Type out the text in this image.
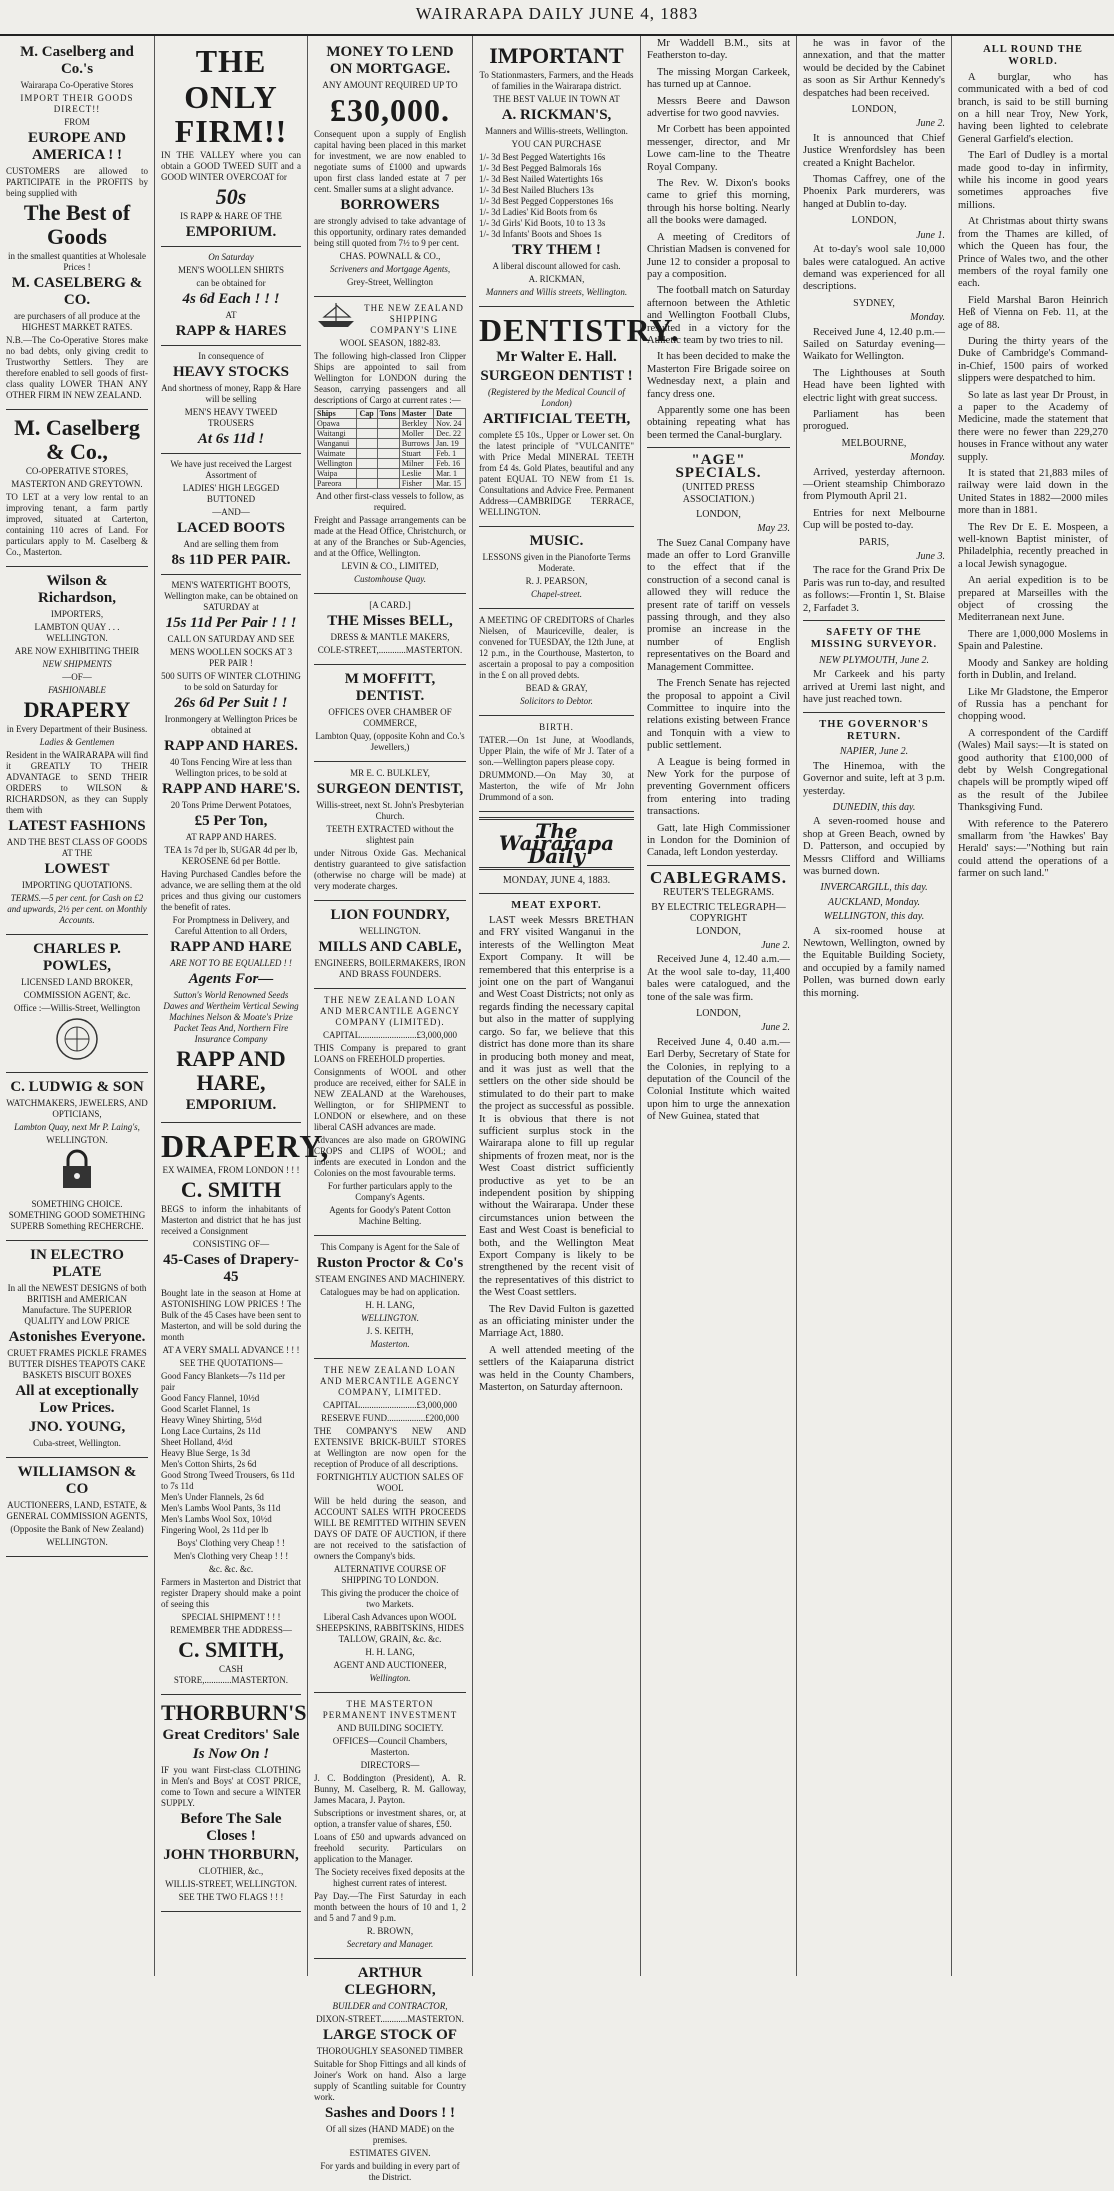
WAIRARAPA DAILY JUNE 4, 1883

M. Caselberg and Co.'s

Wairarapa Co-Operative Stores

IMPORT THEIR GOODS DIRECT!!

FROM

EUROPE AND AMERICA ! !

CUSTOMERS are allowed to PARTICIPATE in the PROFITS by being supplied with

The Best of Goods

in the smallest quantities at Wholesale Prices !

M. CASELBERG & CO.

are purchasers of all produce at the HIGHEST MARKET RATES.

N.B.—The Co-Operative Stores make no bad debts, only giving credit to Trustworthy Settlers. They are therefore enabled to sell goods of first-class quality LOWER THAN ANY OTHER FIRM IN NEW ZEALAND.

M. Caselberg & Co.,

CO-OPERATIVE STORES,

MASTERTON AND GREYTOWN.

TO LET at a very low rental to an improving tenant, a farm partly improved, situated at Carterton, containing 110 acres of Land. For particulars apply to M. Caselberg & Co., Masterton.

Wilson & Richardson,

IMPORTERS,

LAMBTON QUAY . . . WELLINGTON.

ARE NOW EXHIBITING THEIR

NEW SHIPMENTS

—OF—

FASHIONABLE

DRAPERY

in Every Department of their Business.

Ladies & Gentlemen

Resident in the WAIRARAPA will find it GREATLY TO THEIR ADVANTAGE to SEND THEIR ORDERS to WILSON & RICHARDSON, as they can Supply them with

LATEST FASHIONS

AND THE BEST CLASS OF GOODS AT THE

LOWEST

IMPORTING QUOTATIONS.

TERMS.—5 per cent. for Cash on £2 and upwards, 2½ per cent. on Monthly Accounts.

CHARLES P. POWLES,

LICENSED LAND BROKER,

COMMISSION AGENT, &c.

Office :—Willis-Street, Wellington

C. LUDWIG & SON

WATCHMAKERS, JEWELERS, AND OPTICIANS,

Lambton Quay, next Mr P. Laing's,

WELLINGTON.

SOMETHING CHOICE. SOMETHING GOOD SOMETHING SUPERB Something RECHERCHE.

IN ELECTRO PLATE

In all the NEWEST DESIGNS of both BRITISH and AMERICAN Manufacture. The SUPERIOR QUALITY and LOW PRICE

Astonishes Everyone.

CRUET FRAMES PICKLE FRAMES BUTTER DISHES TEAPOTS CAKE BASKETS BISCUIT BOXES

All at exceptionally Low Prices.

JNO. YOUNG,

Cuba-street, Wellington.

WILLIAMSON & CO

AUCTIONEERS, LAND, ESTATE, & GENERAL COMMISSION AGENTS,

(Opposite the Bank of New Zealand)

WELLINGTON.

THE

ONLY FIRM!!

IN THE VALLEY where you can obtain a GOOD TWEED SUIT and a GOOD WINTER OVERCOAT for

50s

IS RAPP & HARE OF THE

EMPORIUM.

On Saturday

MEN'S WOOLLEN SHIRTS

can be obtained for

4s 6d Each ! ! !

AT

RAPP & HARES

In consequence of

HEAVY STOCKS

And shortness of money, Rapp & Hare will be selling

MEN'S HEAVY TWEED TROUSERS

At 6s 11d !

We have just received the Largest Assortment of

LADIES' HIGH LEGGED BUTTONED

—AND—

LACED BOOTS

And are selling them from

8s 11D PER PAIR.

MEN'S WATERTIGHT BOOTS, Wellington make, can be obtained on SATURDAY at

15s 11d Per Pair ! ! !

CALL ON SATURDAY AND SEE

MENS WOOLLEN SOCKS AT 3 PER PAIR !

500 SUITS OF WINTER CLOTHING to be sold on Saturday for

26s 6d Per Suit ! !

Ironmongery at Wellington Prices be obtained at

RAPP AND HARES.

40 Tons Fencing Wire at less than Wellington prices, to be sold at

RAPP AND HARE'S.

20 Tons Prime Derwent Potatoes,

£5 Per Ton,

AT RAPP AND HARES.

TEA 1s 7d per lb, SUGAR 4d per lb, KEROSENE 6d per Bottle.

Having Purchased Candles before the advance, we are selling them at the old prices and thus giving our customers the benefit of rates.

For Promptness in Delivery, and Careful Attention to all Orders,

RAPP AND HARE

ARE NOT TO BE EQUALLED ! !

Agents For—

Sutton's World Renowned Seeds Dawes and Wertheim Vertical Sewing Machines Nelson & Moate's Prize Packet Teas And, Northern Fire Insurance Company

RAPP AND HARE,

EMPORIUM.

DRAPERY,

EX WAIMEA, FROM LONDON ! ! !

C. SMITH

BEGS to inform the inhabitants of Masterton and district that he has just received a Consignment

CONSISTING OF—

45-Cases of Drapery-45

Bought late in the season at Home at ASTONISHING LOW PRICES ! The Bulk of the 45 Cases have been sent to Masterton, and will be sold during the month

AT A VERY SMALL ADVANCE ! ! !

SEE THE QUOTATIONS—

Good Fancy Blankets—7s 11d per pair
Good Fancy Flannel, 10½d
Good Scarlet Flannel, 1s
Heavy Winey Shirting, 5½d
Long Lace Curtains, 2s 11d
Sheet Holland, 4½d
Heavy Blue Serge, 1s 3d
Men's Cotton Shirts, 2s 6d
Good Strong Tweed Trousers, 6s 11d to 7s 11d
Men's Under Flannels, 2s 6d
Men's Lambs Wool Pants, 3s 11d
Men's Lambs Wool Sox, 10½d
Fingering Wool, 2s 11d per lb

Boys' Clothing very Cheap ! !

Men's Clothing very Cheap ! ! !

&c. &c. &c.

Farmers in Masterton and District that register Drapery should make a point of seeing this

SPECIAL SHIPMENT ! ! !

REMEMBER THE ADDRESS—

C. SMITH,

CASH STORE,............MASTERTON.

THORBURN'S

Great Creditors' Sale

Is Now On !

IF you want First-class CLOTHING in Men's and Boys' at COST PRICE, come to Town and secure a WINTER SUPPLY.

Before The Sale Closes !

JOHN THORBURN,

CLOTHIER, &c.,

WILLIS-STREET, WELLINGTON.

SEE THE TWO FLAGS ! ! !

MONEY TO LEND ON MORTGAGE.

ANY AMOUNT REQUIRED UP TO

£30,000.

Consequent upon a supply of English capital having been placed in this market for investment, we are now enabled to negotiate sums of £1000 and upwards upon first class landed estate at 7 per cent. Smaller sums at a slight advance.

BORROWERS

are strongly advised to take advantage of this opportunity, ordinary rates demanded being still quoted from 7½ to 9 per cent.

CHAS. POWNALL & CO.,

Scriveners and Mortgage Agents,

Grey-Street, Wellington

THE NEW ZEALAND SHIPPING COMPANY'S LINE

WOOL SEASON, 1882-83.

The following high-classed Iron Clipper Ships are appointed to sail from Wellington for LONDON during the Season, carrying passengers and all descriptions of Cargo at current rates :—

Ships	Cap	Tons	Master	Date
Opawa			Berkley	Nov. 24
Waitangi			Moller	Dec. 22
Wanganui			Burrows	Jan. 19
Waimate			Stuart	Feb. 1
Wellington			Milner	Feb. 16
Waipa			Leslie	Mar. 1
Pareora			Fisher	Mar. 15

And other first-class vessels to follow, as required.

Freight and Passage arrangements can be made at the Head Office, Christchurch, or at any of the Branches or Sub-Agencies, and at the Office, Wellington.

LEVIN & CO., LIMITED,

Customhouse Quay.

[A CARD.]

THE Misses BELL,

DRESS & MANTLE MAKERS,

COLE-STREET,............MASTERTON.

M MOFFITT, DENTIST.

OFFICES OVER CHAMBER OF COMMERCE,

Lambton Quay, (opposite Kohn and Co.'s Jewellers,)

MR E. C. BULKLEY,

SURGEON DENTIST,

Willis-street, next St. John's Presbyterian Church.

TEETH EXTRACTED without the slightest pain

under Nitrous Oxide Gas. Mechanical dentistry guaranteed to give satisfaction (otherwise no charge will be made) at very moderate charges.

LION FOUNDRY,

WELLINGTON.

MILLS AND CABLE,

ENGINEERS, BOILERMAKERS, IRON AND BRASS FOUNDERS.

THE NEW ZEALAND LOAN AND MERCANTILE AGENCY COMPANY (LIMITED).

CAPITAL.........................£3,000,000

THIS Company is prepared to grant LOANS on FREEHOLD properties.

Consignments of WOOL and other produce are received, either for SALE in NEW ZEALAND at the Warehouses, Wellington, or for SHIPMENT to LONDON or elsewhere, and on these liberal CASH advances are made.

Advances are also made on GROWING CROPS and CLIPS of WOOL; and indents are executed in London and the Colonies on the most favourable terms.

For further particulars apply to the Company's Agents.

Agents for Goody's Patent Cotton Machine Belting.

This Company is Agent for the Sale of

Ruston Proctor & Co's

STEAM ENGINES AND MACHINERY.

Catalogues may be had on application.

H. H. LANG,

WELLINGTON.

J. S. KEITH,

Masterton.

THE NEW ZEALAND LOAN AND MERCANTILE AGENCY COMPANY, LIMITED.

CAPITAL.........................£3,000,000

RESERVE FUND.................£200,000

THE COMPANY'S NEW AND EXTENSIVE BRICK-BUILT STORES at Wellington are now open for the reception of Produce of all descriptions.

FORTNIGHTLY AUCTION SALES OF WOOL

Will be held during the season, and ACCOUNT SALES WITH PROCEEDS WILL BE REMITTED WITHIN SEVEN DAYS OF DATE OF AUCTION, if there are not received to the satisfaction of owners the Company's bids.

ALTERNATIVE COURSE OF SHIPPING TO LONDON.

This giving the producer the choice of two Markets.

Liberal Cash Advances upon WOOL SHEEPSKINS, RABBITSKINS, HIDES TALLOW, GRAIN, &c. &c.

H. H. LANG,

AGENT AND AUCTIONEER,

Wellington.

THE MASTERTON PERMANENT INVESTMENT

AND BUILDING SOCIETY.

OFFICES—Council Chambers, Masterton.

DIRECTORS—

J. C. Boddington (President), A. R. Bunny, M. Caselberg, R. M. Galloway, James Macara, J. Payton.

Subscriptions or investment shares, or, at option, a transfer value of shares, £50.

Loans of £50 and upwards advanced on freehold security. Particulars on application to the Manager.

The Society receives fixed deposits at the highest current rates of interest.

Pay Day.—The First Saturday in each month between the hours of 10 and 1, 2 and 5 and 7 and 9 p.m.

R. BROWN,

Secretary and Manager.

ARTHUR CLEGHORN,

BUILDER and CONTRACTOR,

DIXON-STREET............MASTERTON.

LARGE STOCK OF

THOROUGHLY SEASONED TIMBER

Suitable for Shop Fittings and all kinds of Joiner's Work on hand. Also a large supply of Scantling suitable for Country work.

Sashes and Doors ! !

Of all sizes (HAND MADE) on the premises.

ESTIMATES GIVEN.

For yards and building in every part of the District.

IMPORTANT

To Stationmasters, Farmers, and the Heads of families in the Wairarapa district.

THE BEST VALUE IN TOWN AT

A. RICKMAN'S,

Manners and Willis-streets, Wellington.

YOU CAN PURCHASE

1/- 3d Best Pegged Watertights 16s
1/- 3d Best Pegged Balmorals 16s
1/- 3d Best Nailed Watertights 16s
1/- 3d Best Nailed Bluchers 13s
1/- 3d Best Pegged Copperstones 16s
1/- 3d Ladies' Kid Boots from 6s
1/- 3d Girls' Kid Boots, 10 to 13 3s
1/- 3d Infants' Boots and Shoes 1s

TRY THEM !

A liberal discount allowed for cash.

A. RICKMAN,

Manners and Willis streets, Wellington.

DENTISTRY.

Mr Walter E. Hall.

SURGEON DENTIST !

(Registered by the Medical Council of London)

ARTIFICIAL TEETH,

complete £5 10s., Upper or Lower set. On the latest principle of "VULCANITE" with Price Medal MINERAL TEETH from £4 4s. Gold Plates, beautiful and any patent EQUAL TO NEW from £1 1s. Consultations and Advice Free. Permanent Address—CAMBRIDGE TERRACE, WELLINGTON.

MUSIC.

LESSONS given in the Pianoforte Terms Moderate.

R. J. PEARSON,

Chapel-street.

A MEETING OF CREDITORS of Charles Nielsen, of Mauriceville, dealer, is convened for TUESDAY, the 12th June, at 12 p.m., in the Courthouse, Masterton, to ascertain a proposal to pay a composition in the £ on all proved debts.

BEAD & GRAY,

Solicitors to Debtor.

BIRTH.

TATER.—On 1st June, at Woodlands, Upper Plain, the wife of Mr J. Tater of a son.—Wellington papers please copy.

DRUMMOND.—On May 30, at Masterton, the wife of Mr John Drummond of a son.

The Wairarapa Daily

MONDAY, JUNE 4, 1883.

MEAT EXPORT.

LAST week Messrs BRETHAN and FRY visited Wanganui in the interests of the Wellington Meat Export Company. It will be remembered that this enterprise is a joint one on the part of Wanganui and West Coast Districts; not only as regards finding the necessary capital but also in the matter of supplying cargo. So far, we believe that this district has done more than its share in producing both money and meat, and it was just as well that the settlers on the other side should be stimulated to do their part to make the project as successful as possible. It is obvious that there is not sufficient surplus stock in the Wairarapa alone to fill up regular shipments of frozen meat, nor is the West Coast district sufficiently productive as yet to be an independent position by shipping without the Wairarapa. Under these circumstances union between the East and West Coast is beneficial to both, and the Wellington Meat Export Company is likely to be strengthened by the recent visit of the representatives of this district to the West Coast settlers.

The Rev David Fulton is gazetted as an officiating minister under the Marriage Act, 1880.

A well attended meeting of the settlers of the Kaiaparuna district was held in the County Chambers, Masterton, on Saturday afternoon.

Mr Waddell B.M., sits at Featherston to-day.

The missing Morgan Carkeek, has turned up at Cannoe.

Messrs Beere and Dawson advertise for two good navvies.

Mr Corbett has been appointed messenger, director, and Mr Lowe cam-line to the Theatre Royal Company.

The Rev. W. Dixon's books came to grief this morning, through his horse bolting. Nearly all the books were damaged.

A meeting of Creditors of Christian Madsen is convened for June 12 to consider a proposal to pay a composition.

The football match on Saturday afternoon between the Athletic and Wellington Football Clubs, resulted in a victory for the Athletic team by two tries to nil.

It has been decided to make the Masterton Fire Brigade soiree on Wednesday next, a plain and fancy dress one.

Apparently some one has been obtaining repeating what has been termed the Canal-burglary.

"AGE" SPECIALS.

(UNITED PRESS ASSOCIATION.)

LONDON,

May 23.

The Suez Canal Company have made an offer to Lord Granville to the effect that if the construction of a second canal is allowed they will reduce the present rate of tariff on vessels passing through, and they also promise an increase in the number of English representatives on the Board and Management Committee.

The French Senate has rejected the proposal to appoint a Civil Committee to inquire into the relations existing between France and Tonquin with a view to public settlement.

A League is being formed in New York for the purpose of preventing Government officers from entering into trading transactions.

Gatt, late High Commissioner in London for the Dominion of Canada, left London yesterday.

CABLEGRAMS.

REUTER'S TELEGRAMS.

BY ELECTRIC TELEGRAPH—COPYRIGHT

LONDON,

June 2.

Received June 4, 12.40 a.m.—At the wool sale to-day, 11,400 bales were catalogued, and the tone of the sale was firm.

LONDON,

June 2.

Received June 4, 0.40 a.m.—Earl Derby, Secretary of State for the Colonies, in replying to a deputation of the Council of the Colonial Institute which waited upon him to urge the annexation of New Guinea, stated that

he was in favor of the annexation, and that the matter would be decided by the Cabinet as soon as Sir Arthur Kennedy's despatches had been received.

LONDON,

June 2.

It is announced that Chief Justice Wrenfordsley has been created a Knight Bachelor.

Thomas Caffrey, one of the Phoenix Park murderers, was hanged at Dublin to-day.

LONDON,

June 1.

At to-day's wool sale 10,000 bales were catalogued. An active demand was experienced for all descriptions.

SYDNEY,

Monday.

Received June 4, 12.40 p.m.—Sailed on Saturday evening—Waikato for Wellington.

The Lighthouses at South Head have been lighted with electric light with great success.

Parliament has been prorogued.

MELBOURNE,

Monday.

Arrived, yesterday afternoon.—Orient steamship Chimborazo from Plymouth April 21.

Entries for next Melbourne Cup will be posted to-day.

PARIS,

June 3.

The race for the Grand Prix De Paris was run to-day, and resulted as follows:—Frontin 1, St. Blaise 2, Farfadet 3.

SAFETY OF THE MISSING SURVEYOR.

NEW PLYMOUTH, June 2.

Mr Carkeek and his party arrived at Uremi last night, and have just reached town.

THE GOVERNOR'S RETURN.

NAPIER, June 2.

The Hinemoa, with the Governor and suite, left at 3 p.m. yesterday.

DUNEDIN, this day.

A seven-roomed house and shop at Green Beach, owned by D. Patterson, and occupied by Messrs Clifford and Williams was burned down.

INVERCARGILL, this day.

AUCKLAND, Monday.

WELLINGTON, this day.

A six-roomed house at Newtown, Wellington, owned by the Equitable Building Society, and occupied by a family named Pollen, was burned down early this morning.

ALL ROUND THE WORLD.

A burglar, who has communicated with a bed of cod branch, is said to be still burning on a hill near Troy, New York, having been lighted to celebrate General Garfield's election.

The Earl of Dudley is a mortal made good to-day in infirmity, while his income in good years sometimes approaches five millions.

At Christmas about thirty swans from the Thames are killed, of which the Queen has four, the Prince of Wales two, and the other members of the royal family one each.

Field Marshal Baron Heinrich Heß of Vienna on Feb. 11, at the age of 88.

During the thirty years of the Duke of Cambridge's Command-in-Chief, 1500 pairs of worked slippers were despatched to him.

So late as last year Dr Proust, in a paper to the Academy of Medicine, made the statement that there were no fewer than 229,270 houses in France without any water supply.

It is stated that 21,883 miles of railway were laid down in the United States in 1882—2000 miles more than in 1881.

The Rev Dr E. E. Mospeen, a well-known Baptist minister, of Philadelphia, recently preached in a local Jewish synagogue.

An aerial expedition is to be prepared at Marseilles with the object of crossing the Mediterranean next June.

There are 1,000,000 Moslems in Spain and Palestine.

Moody and Sankey are holding forth in Dublin, and Ireland.

Like Mr Gladstone, the Emperor of Russia has a penchant for chopping wood.

A correspondent of the Cardiff (Wales) Mail says:—It is stated on good authority that £100,000 of debt by Welsh Congregational chapels will be promptly wiped off as the result of the Jubilee Thanksgiving Fund.

With reference to the Paterero smallarm from 'the Hawkes' Bay Herald' says:—"Nothing but rain could attend the operations of a farmer on such land."
